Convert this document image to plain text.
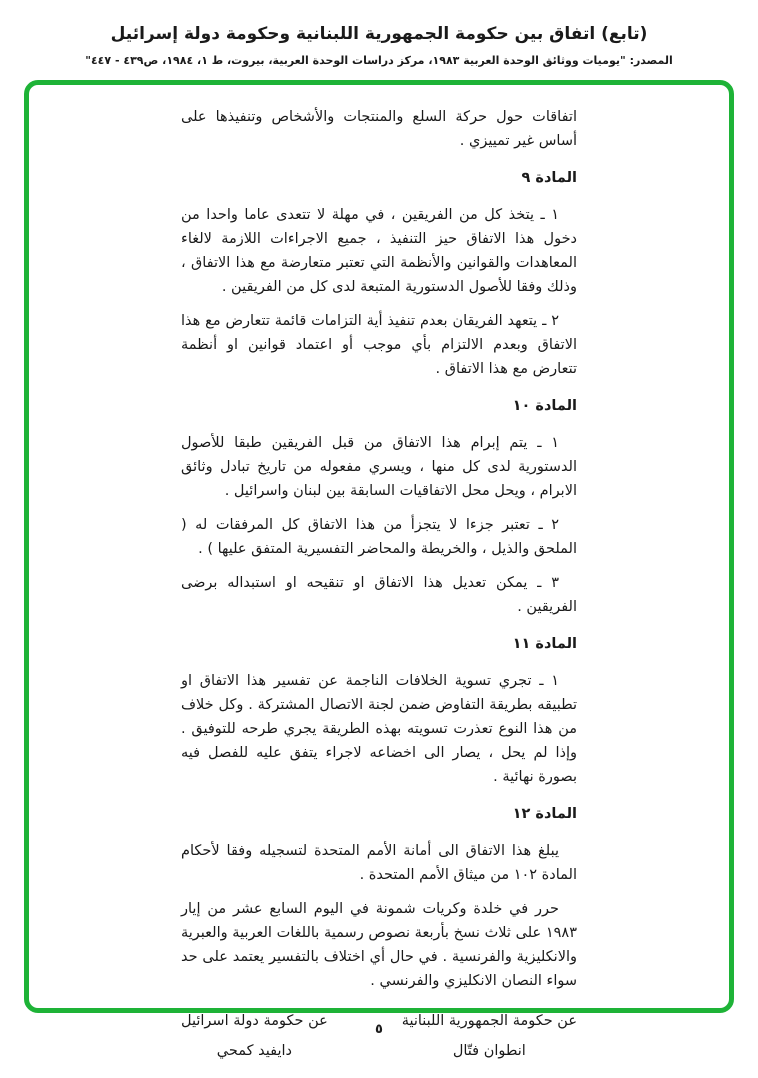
(تابع) اتفاق بين حكومة الجمهورية اللبنانية وحكومة دولة إسرائيل
المصدر: "يوميات ووثائق الوحدة العربية ١٩٨٣، مركز دراسات الوحدة العربية، بيروت، ط ١، ١٩٨٤، ص٤٣٩ - ٤٤٧"
اتفاقات حول حركة السلع والمنتجات والأشخاص وتنفيذها على أساس غير تمييزي .
المادة ٩
١ ـ يتخذ كل من الفريقين ، في مهلة لا تتعدى عاما واحدا من دخول هذا الاتفاق حيز التنفيذ ، جميع الاجراءات اللازمة لالغاء المعاهدات والقوانين والأنظمة التي تعتبر متعارضة مع هذا الاتفاق ، وذلك وفقا للأصول الدستورية المتبعة لدى كل من الفريقين .
٢ ـ يتعهد الفريقان بعدم تنفيذ أية التزامات قائمة تتعارض مع هذا الاتفاق وبعدم الالتزام بأي موجب أو اعتماد قوانين او أنظمة تتعارض مع هذا الاتفاق .
المادة ١٠
١ ـ يتم إبرام هذا الاتفاق من قبل الفريقين طبقا للأصول الدستورية لدى كل منها ، ويسري مفعوله من تاريخ تبادل وثائق الابرام ، ويحل محل الاتفاقيات السابقة بين لبنان واسرائيل .
٢ ـ تعتبر جزءا لا يتجزأ من هذا الاتفاق كل المرفقات له ( الملحق والذيل ، والخريطة والمحاضر التفسيرية المتفق عليها ) .
٣ ـ يمكن تعديل هذا الاتفاق او تنقيحه او استبداله برضى الفريقين .
المادة ١١
١ ـ تجري تسوية الخلافات الناجمة عن تفسير هذا الاتفاق او تطبيقه بطريقة التفاوض ضمن لجنة الاتصال المشتركة . وكل خلاف من هذا النوع تعذرت تسويته بهذه الطريقة يجري طرحه للتوفيق . وإذا لم يحل ، يصار الى اخضاعه لاجراء يتفق عليه للفصل فيه بصورة نهائية .
المادة ١٢
يبلغ هذا الاتفاق الى أمانة الأمم المتحدة لتسجيله وفقا لأحكام المادة ١٠٢ من ميثاق الأمم المتحدة .
حرر في خلدة وكريات شمونة في اليوم السابع عشر من إيار ١٩٨٣ على ثلاث نسخ بأربعة نصوص رسمية باللغات العربية والعبرية والانكليزية والفرنسية . في حال أي اختلاف بالتفسير يعتمد على حد سواء النصان الانكليزي والفرنسي .
عن حكومة الجمهورية اللبنانية
انطوان فتّال
عن حكومة دولة اسرائيل
دايفيد كمحي
٥
